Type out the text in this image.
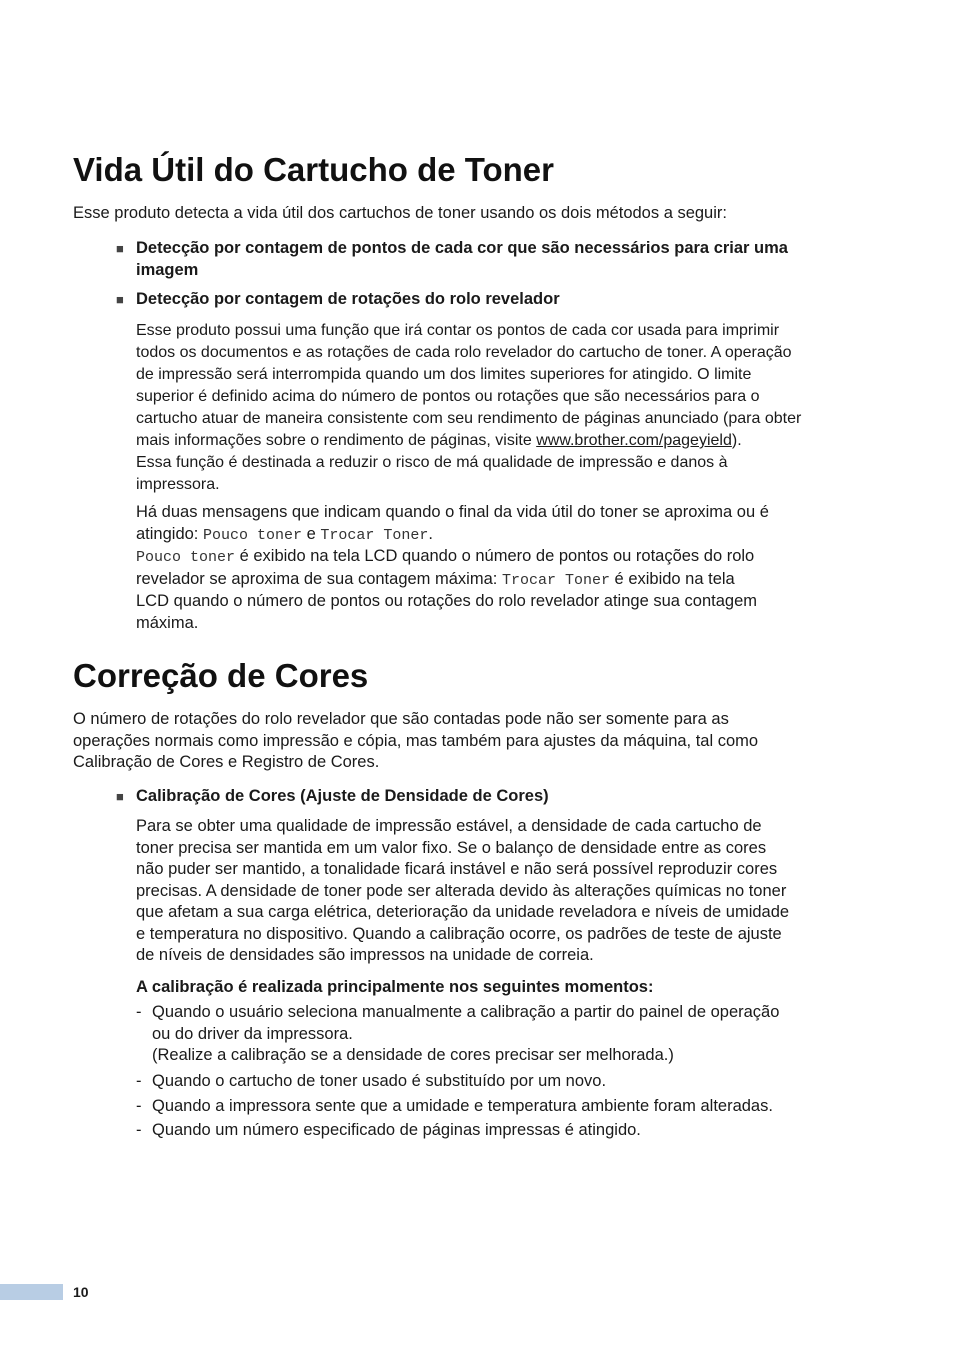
Vida Útil do Cartucho de Toner

Esse produto detecta a vida útil dos cartuchos de toner usando os dois métodos a seguir:

■ Detecção por contagem de pontos de cada cor que são necessários para criar uma
imagem

■ Detecção por contagem de rotações do rolo revelador

Esse produto possui uma função que irá contar os pontos de cada cor usada para imprimir
todos os documentos e as rotações de cada rolo revelador do cartucho de toner. A operação
de impressão será interrompida quando um dos limites superiores for atingido. O limite
superior é definido acima do número de pontos ou rotações que são necessários para o
cartucho atuar de maneira consistente com seu rendimento de páginas anunciado (para obter
mais informações sobre o rendimento de páginas, visite www.brother.com/pageyield).
Essa função é destinada a reduzir o risco de má qualidade de impressão e danos à
impressora.

Há duas mensagens que indicam quando o final da vida útil do toner se aproxima ou é
atingido: Pouco toner e Trocar Toner.
Pouco toner é exibido na tela LCD quando o número de pontos ou rotações do rolo
revelador se aproxima de sua contagem máxima: Trocar Toner é exibido na tela
LCD quando o número de pontos ou rotações do rolo revelador atinge sua contagem
máxima.

Correção de Cores

O número de rotações do rolo revelador que são contadas pode não ser somente para as
operações normais como impressão e cópia, mas também para ajustes da máquina, tal como
Calibração de Cores e Registro de Cores.

■ Calibração de Cores (Ajuste de Densidade de Cores)

Para se obter uma qualidade de impressão estável, a densidade de cada cartucho de
toner precisa ser mantida em um valor fixo. Se o balanço de densidade entre as cores
não puder ser mantido, a tonalidade ficará instável e não será possível reproduzir cores
precisas. A densidade de toner pode ser alterada devido às alterações químicas no toner
que afetam a sua carga elétrica, deterioração da unidade reveladora e níveis de umidade
e temperatura no dispositivo. Quando a calibração ocorre, os padrões de teste de ajuste
de níveis de densidades são impressos na unidade de correia.

A calibração é realizada principalmente nos seguintes momentos:

- Quando o usuário seleciona manualmente a calibração a partir do painel de operação
ou do driver da impressora.
(Realize a calibração se a densidade de cores precisar ser melhorada.)

- Quando o cartucho de toner usado é substituído por um novo.

- Quando a impressora sente que a umidade e temperatura ambiente foram alteradas.

- Quando um número especificado de páginas impressas é atingido.

10
